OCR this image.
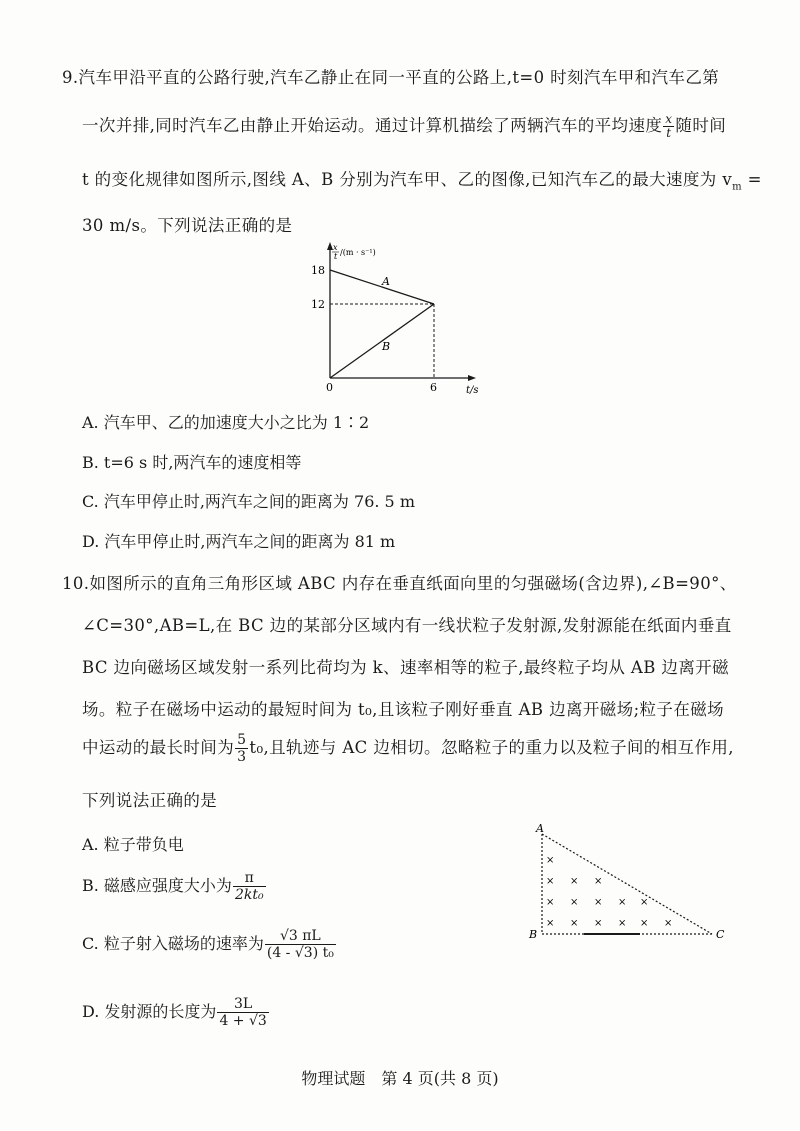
9.汽车甲沿平直的公路行驶,汽车乙静止在同一平直的公路上,t=0 时刻汽车甲和汽车乙第
一次并排,同时汽车乙由静止开始运动。通过计算机描绘了两辆汽车的平均速度 $\frac{x}{t}$ 随时间
t 的变化规律如图所示,图线 A、B 分别为汽车甲、乙的图像,已知汽车乙的最大速度为 $v_m$ =
30 m/s。下列说法正确的是
x
t /(m · s⁻¹)
18
12
0	6	t/s
A
B
A. 汽车甲、乙的加速度大小之比为 1∶2
B. t=6 s 时,两汽车的速度相等
C. 汽车甲停止时,两汽车之间的距离为 76. 5 m
D. 汽车甲停止时,两汽车之间的距离为 81 m
10.如图所示的直角三角形区域 ABC 内存在垂直纸面向里的匀强磁场(含边界),∠B=90°、
∠C=30°,AB=L,在 BC 边的某部分区域内有一线状粒子发射源,发射源能在纸面内垂直
BC 边向磁场区域发射一系列比荷均为 k、速率相等的粒子,最终粒子均从 AB 边离开磁
场。粒子在磁场中运动的最短时间为 t₀,且该粒子刚好垂直 AB 边离开磁场;粒子在磁场
中运动的最长时间为 $\frac{5}{3} t_0$,且轨迹与 AC 边相切。忽略粒子的重力以及粒子间的相互作用,
下列说法正确的是
A. 粒子带负电
B. 磁感应强度大小为 $\frac{\pi}{\text{2kt₀}}$
C. 粒子射入磁场的速率为 $\frac{√3 \pi L}{\text{(4 - √3) t₀}}$
D. 发射源的长度为 $\frac{3L}{4 + √3}$
A
B	C
×
× × ×
× × × × ×
× × × × × ×
物理试题　第 4 页(共 8 页)
